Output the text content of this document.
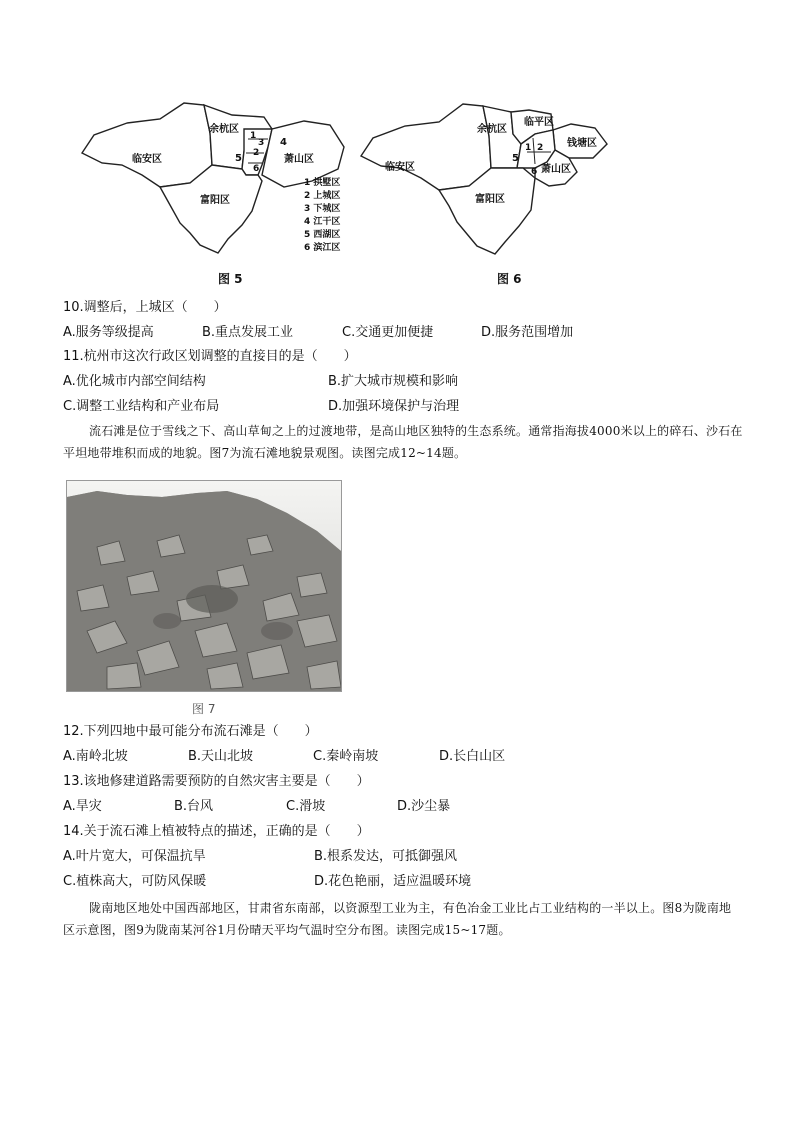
临安区
余杭区
萧山区
富阳区
1
2
3 4
5
6
1 拱墅区
2 上城区
3 下城区
4 江干区
5 西湖区
6 滨江区
图 5
余杭区
临平区
钱塘区
临安区	萧山区
富阳区
1 2
5
6
图 6
10.调整后，上城区（　　）
A.服务等级提高	B.重点发展工业	C.交通更加便捷	D.服务范围增加
11.杭州市这次行政区划调整的直接目的是（　　）
A.优化城市内部空间结构	B.扩大城市规模和影响
C.调整工业结构和产业布局	D.加强环境保护与治理
流石滩是位于雪线之下、高山草甸之上的过渡地带，是高山地区独特的生态系统。通常指海拔4000米以上的碎石、沙石在平坦地带堆积而成的地貌。图7为流石滩地貌景观图。读图完成12~14题。
图 7
12.下列四地中最可能分布流石滩是（　　）
A.南岭北坡	B.天山北坡	C.秦岭南坡	D.长白山区
13.该地修建道路需要预防的自然灾害主要是（　　）
A.旱灾	B.台风	C.滑坡	D.沙尘暴
14.关于流石滩上植被特点的描述，正确的是（　　）
A.叶片宽大，可保温抗旱	B.根系发达，可抵御强风
C.植株高大，可防风保暖	D.花色艳丽，适应温暖环境
陇南地区地处中国西部地区，甘肃省东南部，以资源型工业为主，有色冶金工业比占工业结构的一半以上。图8为陇南地区示意图，图9为陇南某河谷1月份晴天平均气温时空分布图。读图完成15~17题。
